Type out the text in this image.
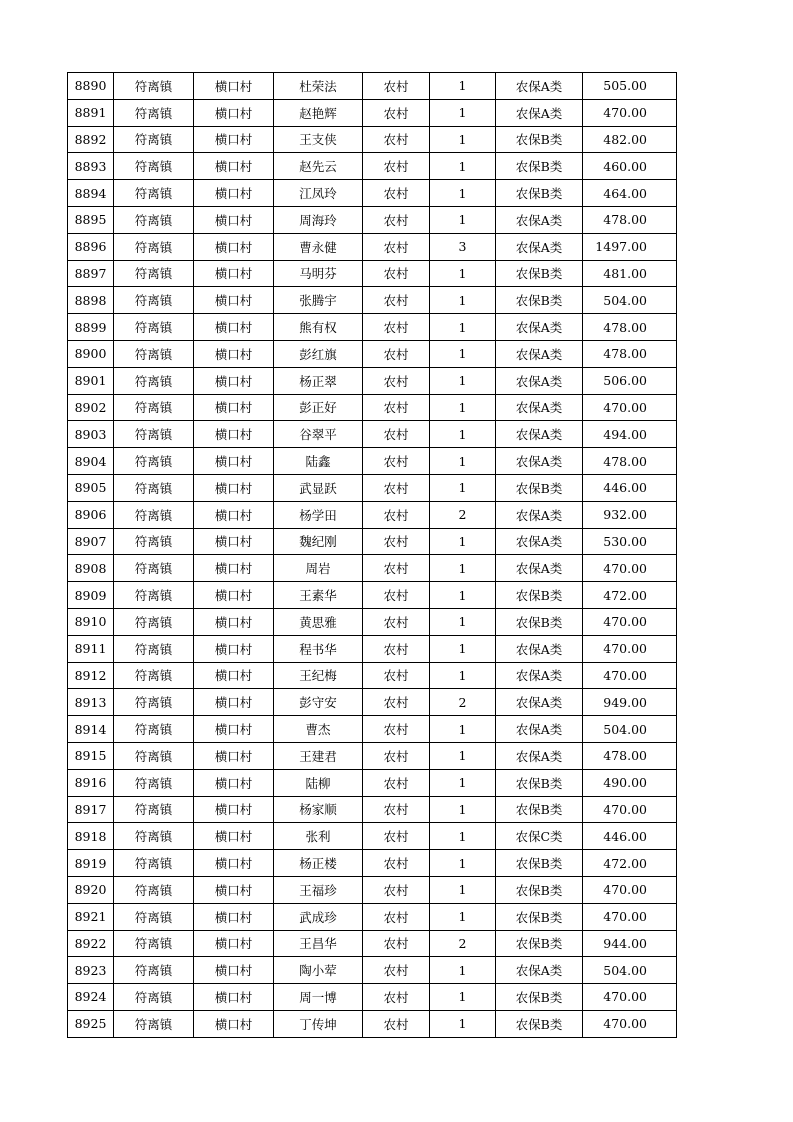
8890	符离镇	横口村	杜荣法	农村	1	农保A类	505.00
8891	符离镇	横口村	赵艳辉	农村	1	农保A类	470.00
8892	符离镇	横口村	王支侠	农村	1	农保B类	482.00
8893	符离镇	横口村	赵先云	农村	1	农保B类	460.00
8894	符离镇	横口村	江凤玲	农村	1	农保B类	464.00
8895	符离镇	横口村	周海玲	农村	1	农保A类	478.00
8896	符离镇	横口村	曹永健	农村	3	农保A类	1497.00
8897	符离镇	横口村	马明芬	农村	1	农保B类	481.00
8898	符离镇	横口村	张腾宇	农村	1	农保B类	504.00
8899	符离镇	横口村	熊有权	农村	1	农保A类	478.00
8900	符离镇	横口村	彭红旗	农村	1	农保A类	478.00
8901	符离镇	横口村	杨正翠	农村	1	农保A类	506.00
8902	符离镇	横口村	彭正好	农村	1	农保A类	470.00
8903	符离镇	横口村	谷翠平	农村	1	农保A类	494.00
8904	符离镇	横口村	陆鑫	农村	1	农保A类	478.00
8905	符离镇	横口村	武显跃	农村	1	农保B类	446.00
8906	符离镇	横口村	杨学田	农村	2	农保A类	932.00
8907	符离镇	横口村	魏纪刚	农村	1	农保A类	530.00
8908	符离镇	横口村	周岩	农村	1	农保A类	470.00
8909	符离镇	横口村	王素华	农村	1	农保B类	472.00
8910	符离镇	横口村	黄思雅	农村	1	农保B类	470.00
8911	符离镇	横口村	程书华	农村	1	农保A类	470.00
8912	符离镇	横口村	王纪梅	农村	1	农保A类	470.00
8913	符离镇	横口村	彭守安	农村	2	农保A类	949.00
8914	符离镇	横口村	曹杰	农村	1	农保A类	504.00
8915	符离镇	横口村	王建君	农村	1	农保A类	478.00
8916	符离镇	横口村	陆柳	农村	1	农保B类	490.00
8917	符离镇	横口村	杨家顺	农村	1	农保B类	470.00
8918	符离镇	横口村	张利	农村	1	农保C类	446.00
8919	符离镇	横口村	杨正楼	农村	1	农保B类	472.00
8920	符离镇	横口村	王福珍	农村	1	农保B类	470.00
8921	符离镇	横口村	武成珍	农村	1	农保B类	470.00
8922	符离镇	横口村	王昌华	农村	2	农保B类	944.00
8923	符离镇	横口村	陶小荤	农村	1	农保A类	504.00
8924	符离镇	横口村	周一博	农村	1	农保B类	470.00
8925	符离镇	横口村	丁传坤	农村	1	农保B类	470.00
